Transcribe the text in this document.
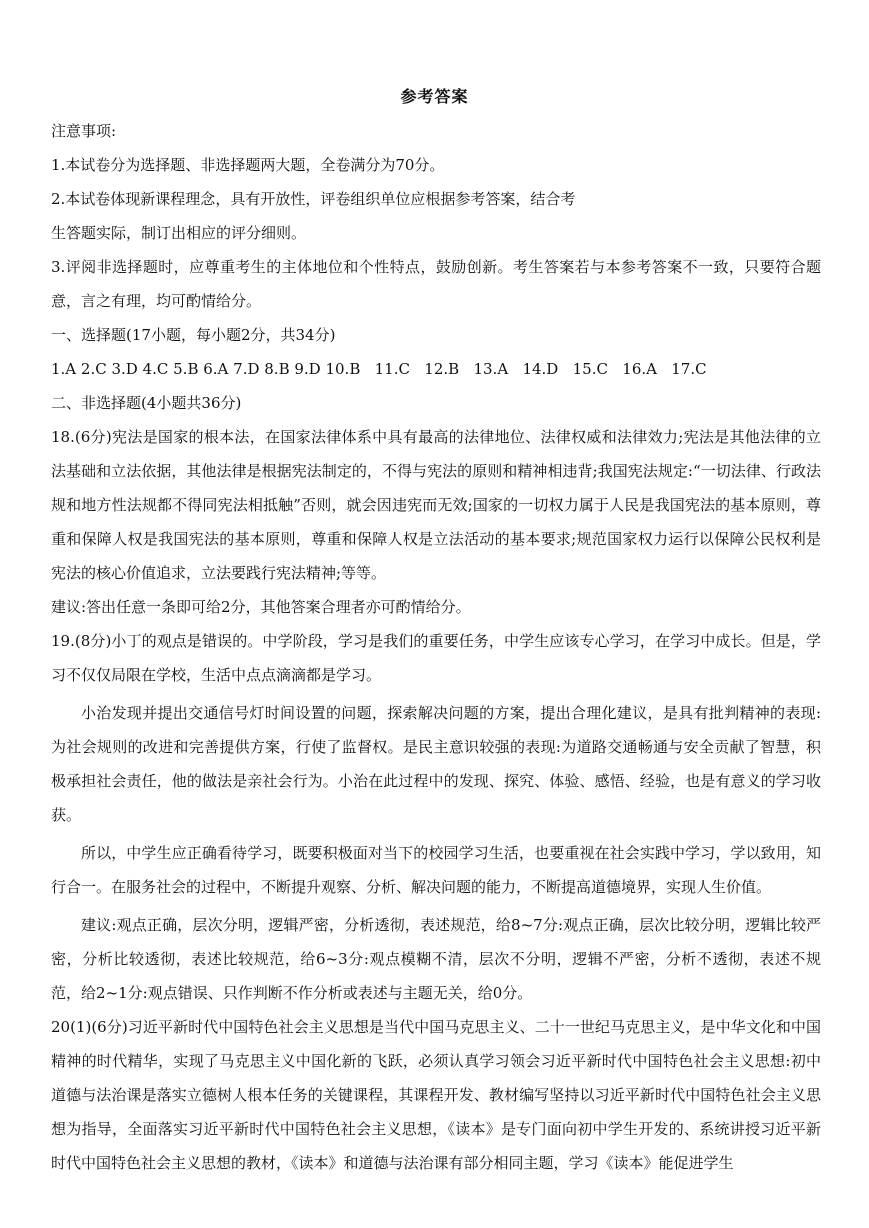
参考答案
注意事项:
1.本试卷分为选择题、非选择题两大题，全卷满分为70分。
2.本试卷体现新课程理念，具有开放性，评卷组织单位应根据参考答案，结合考
生答题实际，制订出相应的评分细则。

3.评阅非选择题时，应尊重考生的主体地位和个性特点，鼓励创新。考生答案若与本参考答案不一致，只要符合题意，言之有理，均可酌情给分。

一、选择题(17小题，每小题2分，共34分)
1.A 2.C 3.D 4.C 5.B 6.A 7.D 8.B 9.D 10.B   11.C   12.B   13.A   14.D   15.C   16.A   17.C
二、非选择题(4小题共36分)

18.(6分)宪法是国家的根本法，在国家法律体系中具有最高的法律地位、法律权威和法律效力;宪法是其他法律的立法基础和立法依据，其他法律是根据宪法制定的，不得与宪法的原则和精神相违背;我国宪法规定:“一切法律、行政法规和地方性法规都不得同宪法相抵触”否则，就会因违宪而无效;国家的一切权力属于人民是我国宪法的基本原则，尊重和保障人权是我国宪法的基本原则，尊重和保障人权是立法活动的基本要求;规范国家权力运行以保障公民权利是宪法的核心价值追求，立法要践行宪法精神;等等。

建议:答出任意一条即可给2分，其他答案合理者亦可酌情给分。

19.(8分)小丁的观点是错误的。中学阶段，学习是我们的重要任务，中学生应该专心学习，在学习中成长。但是，学习不仅仅局限在学校，生活中点点滴滴都是学习。

小治发现并提出交通信号灯时间设置的问题，探索解决问题的方案，提出合理化建议，是具有批判精神的表现:为社会规则的改进和完善提供方案，行使了监督权。是民主意识较强的表现:为道路交通畅通与安全贡献了智慧，积极承担社会责任，他的做法是亲社会行为。小治在此过程中的发现、探究、体验、感悟、经验，也是有意义的学习收获。

所以，中学生应正确看待学习，既要积极面对当下的校园学习生活，也要重视在社会实践中学习，学以致用，知行合一。在服务社会的过程中，不断提升观察、分析、解决问题的能力，不断提高道德境界，实现人生价值。

建议:观点正确，层次分明，逻辑严密，分析透彻，表述规范，给8~7分:观点正确，层次比较分明，逻辑比较严密，分析比较透彻，表述比较规范，给6~3分:观点模糊不清，层次不分明，逻辑不严密，分析不透彻，表述不规范，给2~1分:观点错误、只作判断不作分析或表述与主题无关，给0分。

20(1)(6分)习近平新时代中国特色社会主义思想是当代中国马克思主义、二十一世纪马克思主义，是中华文化和中国精神的时代精华，实现了马克思主义中国化新的飞跃，必须认真学习领会习近平新时代中国特色社会主义思想:初中道德与法治课是落实立德树人根本任务的关键课程，其课程开发、教材编写坚持以习近平新时代中国特色社会主义思想为指导，全面落实习近平新时代中国特色社会主义思想，《读本》是专门面向初中学生开发的、系统讲授习近平新时代中国特色社会主义思想的教材，《读本》和道德与法治课有部分相同主题，学习《读本》能促进学生
